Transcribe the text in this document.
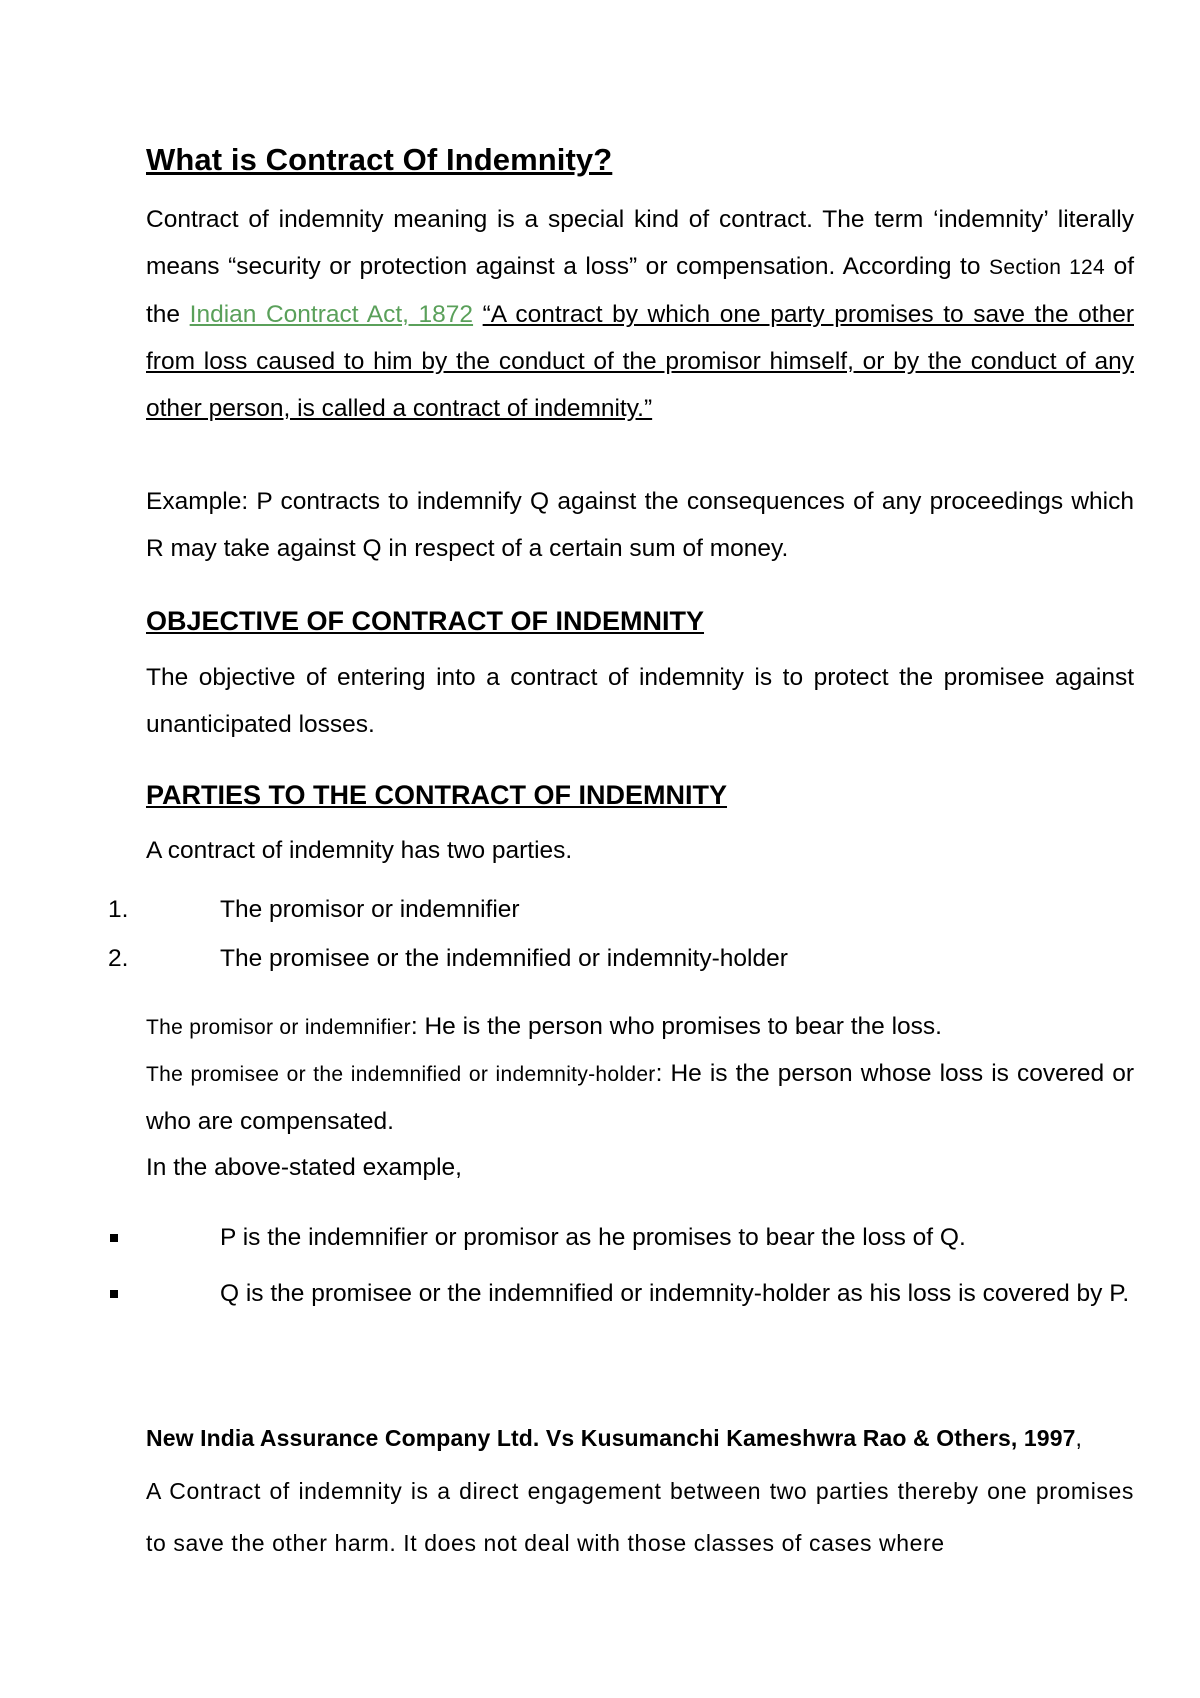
What is Contract Of Indemnity?

Contract of indemnity meaning is a special kind of contract. The term ‘indemnity’ literally means “security or protection against a loss” or compensation. According to Section 124 of the Indian Contract Act, 1872 “A contract by which one party promises to save the other from loss caused to him by the conduct of the promisor himself, or by the conduct of any other person, is called a contract of indemnity.”

Example: P contracts to indemnify Q against the consequences of any proceedings which R may take against Q in respect of a certain sum of money.

OBJECTIVE OF CONTRACT OF INDEMNITY

The objective of entering into a contract of indemnity is to protect the promisee against unanticipated losses.

PARTIES TO THE CONTRACT OF INDEMNITY

A contract of indemnity has two parties.

1.	The promisor or indemnifier
2.	The promisee or the indemnified or indemnity-holder

The promisor or indemnifier: He is the person who promises to bear the loss.

The promisee or the indemnified or indemnity-holder: He is the person whose loss is covered or who are compensated.

In the above-stated example,

P is the indemnifier or promisor as he promises to bear the loss of Q.

Q is the promisee or the indemnified or indemnity-holder as his loss is covered by P.

New India Assurance Company Ltd. Vs Kusumanchi Kameshwra Rao & Others, 1997,

A Contract of indemnity is a direct engagement between two parties thereby one promises to save the other harm. It does not deal with those classes of cases where
